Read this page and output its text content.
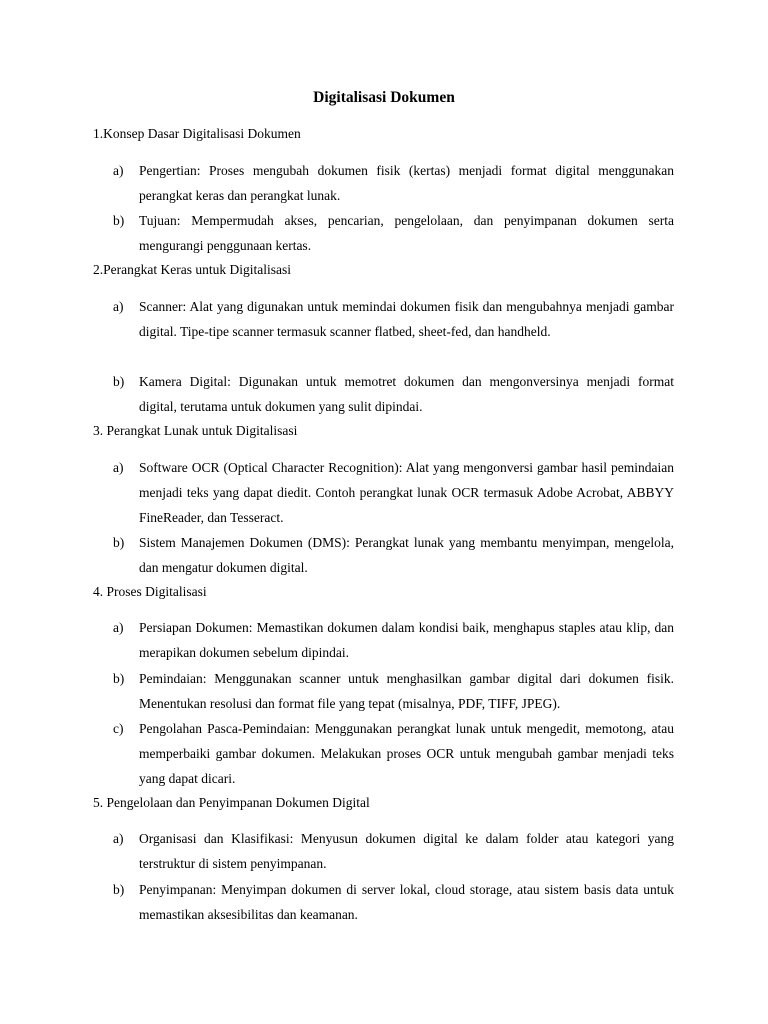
Digitalisasi Dokumen
1.Konsep Dasar Digitalisasi Dokumen
a)	Pengertian: Proses mengubah dokumen fisik (kertas) menjadi format digital menggunakan perangkat keras dan perangkat lunak.
b)	Tujuan: Mempermudah akses, pencarian, pengelolaan, dan penyimpanan dokumen serta mengurangi penggunaan kertas.
2.Perangkat Keras untuk Digitalisasi
a)	Scanner: Alat yang digunakan untuk memindai dokumen fisik dan mengubahnya menjadi gambar digital. Tipe-tipe scanner termasuk scanner flatbed, sheet-fed, dan handheld.
b)	Kamera Digital: Digunakan untuk memotret dokumen dan mengonversinya menjadi format digital, terutama untuk dokumen yang sulit dipindai.
3. Perangkat Lunak untuk Digitalisasi
a)	Software OCR (Optical Character Recognition): Alat yang mengonversi gambar hasil pemindaian menjadi teks yang dapat diedit. Contoh perangkat lunak OCR termasuk Adobe Acrobat, ABBYY FineReader, dan Tesseract.
b)	Sistem Manajemen Dokumen (DMS): Perangkat lunak yang membantu menyimpan, mengelola, dan mengatur dokumen digital.
4. Proses Digitalisasi
a)	Persiapan Dokumen: Memastikan dokumen dalam kondisi baik, menghapus staples atau klip, dan merapikan dokumen sebelum dipindai.
b)	Pemindaian: Menggunakan scanner untuk menghasilkan gambar digital dari dokumen fisik. Menentukan resolusi dan format file yang tepat (misalnya, PDF, TIFF, JPEG).
c)	Pengolahan Pasca-Pemindaian: Menggunakan perangkat lunak untuk mengedit, memotong, atau memperbaiki gambar dokumen. Melakukan proses OCR untuk mengubah gambar menjadi teks yang dapat dicari.
5. Pengelolaan dan Penyimpanan Dokumen Digital
a)	Organisasi dan Klasifikasi: Menyusun dokumen digital ke dalam folder atau kategori yang terstruktur di sistem penyimpanan.
b)	Penyimpanan: Menyimpan dokumen di server lokal, cloud storage, atau sistem basis data untuk memastikan aksesibilitas dan keamanan.
